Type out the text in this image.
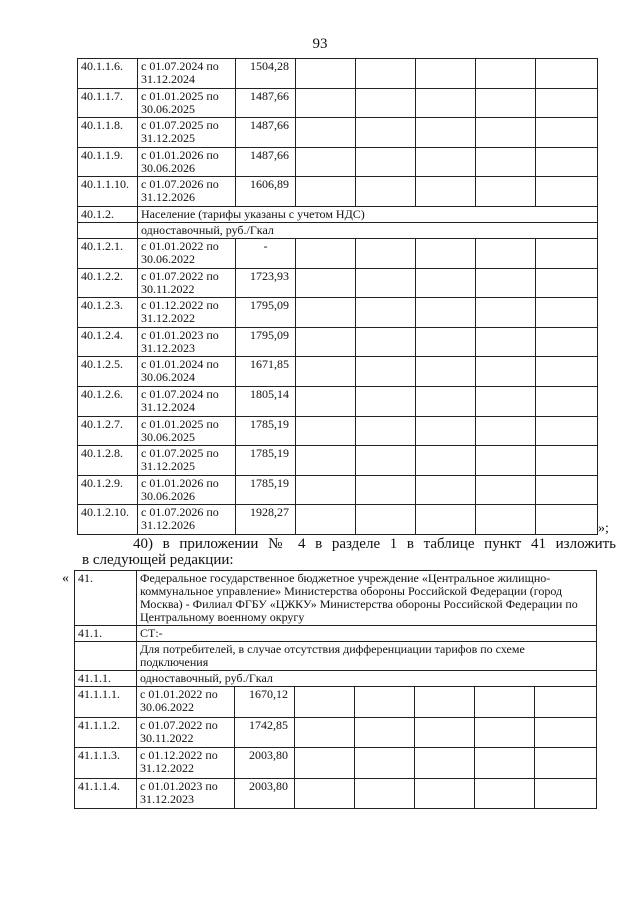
93
40.1.1.6.	с 01.07.2024 по 31.12.2024	1504,28					
40.1.1.7.	с 01.01.2025 по 30.06.2025	1487,66					
40.1.1.8.	с 01.07.2025 по 31.12.2025	1487,66					
40.1.1.9.	с 01.01.2026 по 30.06.2026	1487,66					
40.1.1.10.	с 01.07.2026 по 31.12.2026	1606,89					
40.1.2.	Население (тарифы указаны с учетом НДС)						
	одноставочный, руб./Гкал						
40.1.2.1.	с 01.01.2022 по 30.06.2022	-					
40.1.2.2.	с 01.07.2022 по 30.11.2022	1723,93					
40.1.2.3.	с 01.12.2022 по 31.12.2022	1795,09					
40.1.2.4.	с 01.01.2023 по 31.12.2023	1795,09					
40.1.2.5.	с 01.01.2024 по 30.06.2024	1671,85					
40.1.2.6.	с 01.07.2024 по 31.12.2024	1805,14					
40.1.2.7.	с 01.01.2025 по 30.06.2025	1785,19					
40.1.2.8.	с 01.07.2025 по 31.12.2025	1785,19					
40.1.2.9.	с 01.01.2026 по 30.06.2026	1785,19					
40.1.2.10.	с 01.07.2026 по 31.12.2026	1928,27					
»;
40) в приложении № 4 в разделе 1 в таблице пункт 41 изложить
в следующей редакции:
« 41.	Федеральное государственное бюджетное учреждение «Центральное жилищно-коммунальное управление» Министерства обороны Российской Федерации (город Москва) - Филиал ФГБУ «ЦЖКУ» Министерства обороны Российской Федерации по Центральному военному округу						
41.1.	СТ:-						
	Для потребителей, в случае отсутствия дифференциации тарифов по схеме подключения						
41.1.1.	одноставочный, руб./Гкал						
41.1.1.1.	с 01.01.2022 по 30.06.2022	1670,12					
41.1.1.2.	с 01.07.2022 по 30.11.2022	1742,85					
41.1.1.3.	с 01.12.2022 по 31.12.2022	2003,80					
41.1.1.4.	с 01.01.2023 по 31.12.2023	2003,80					
